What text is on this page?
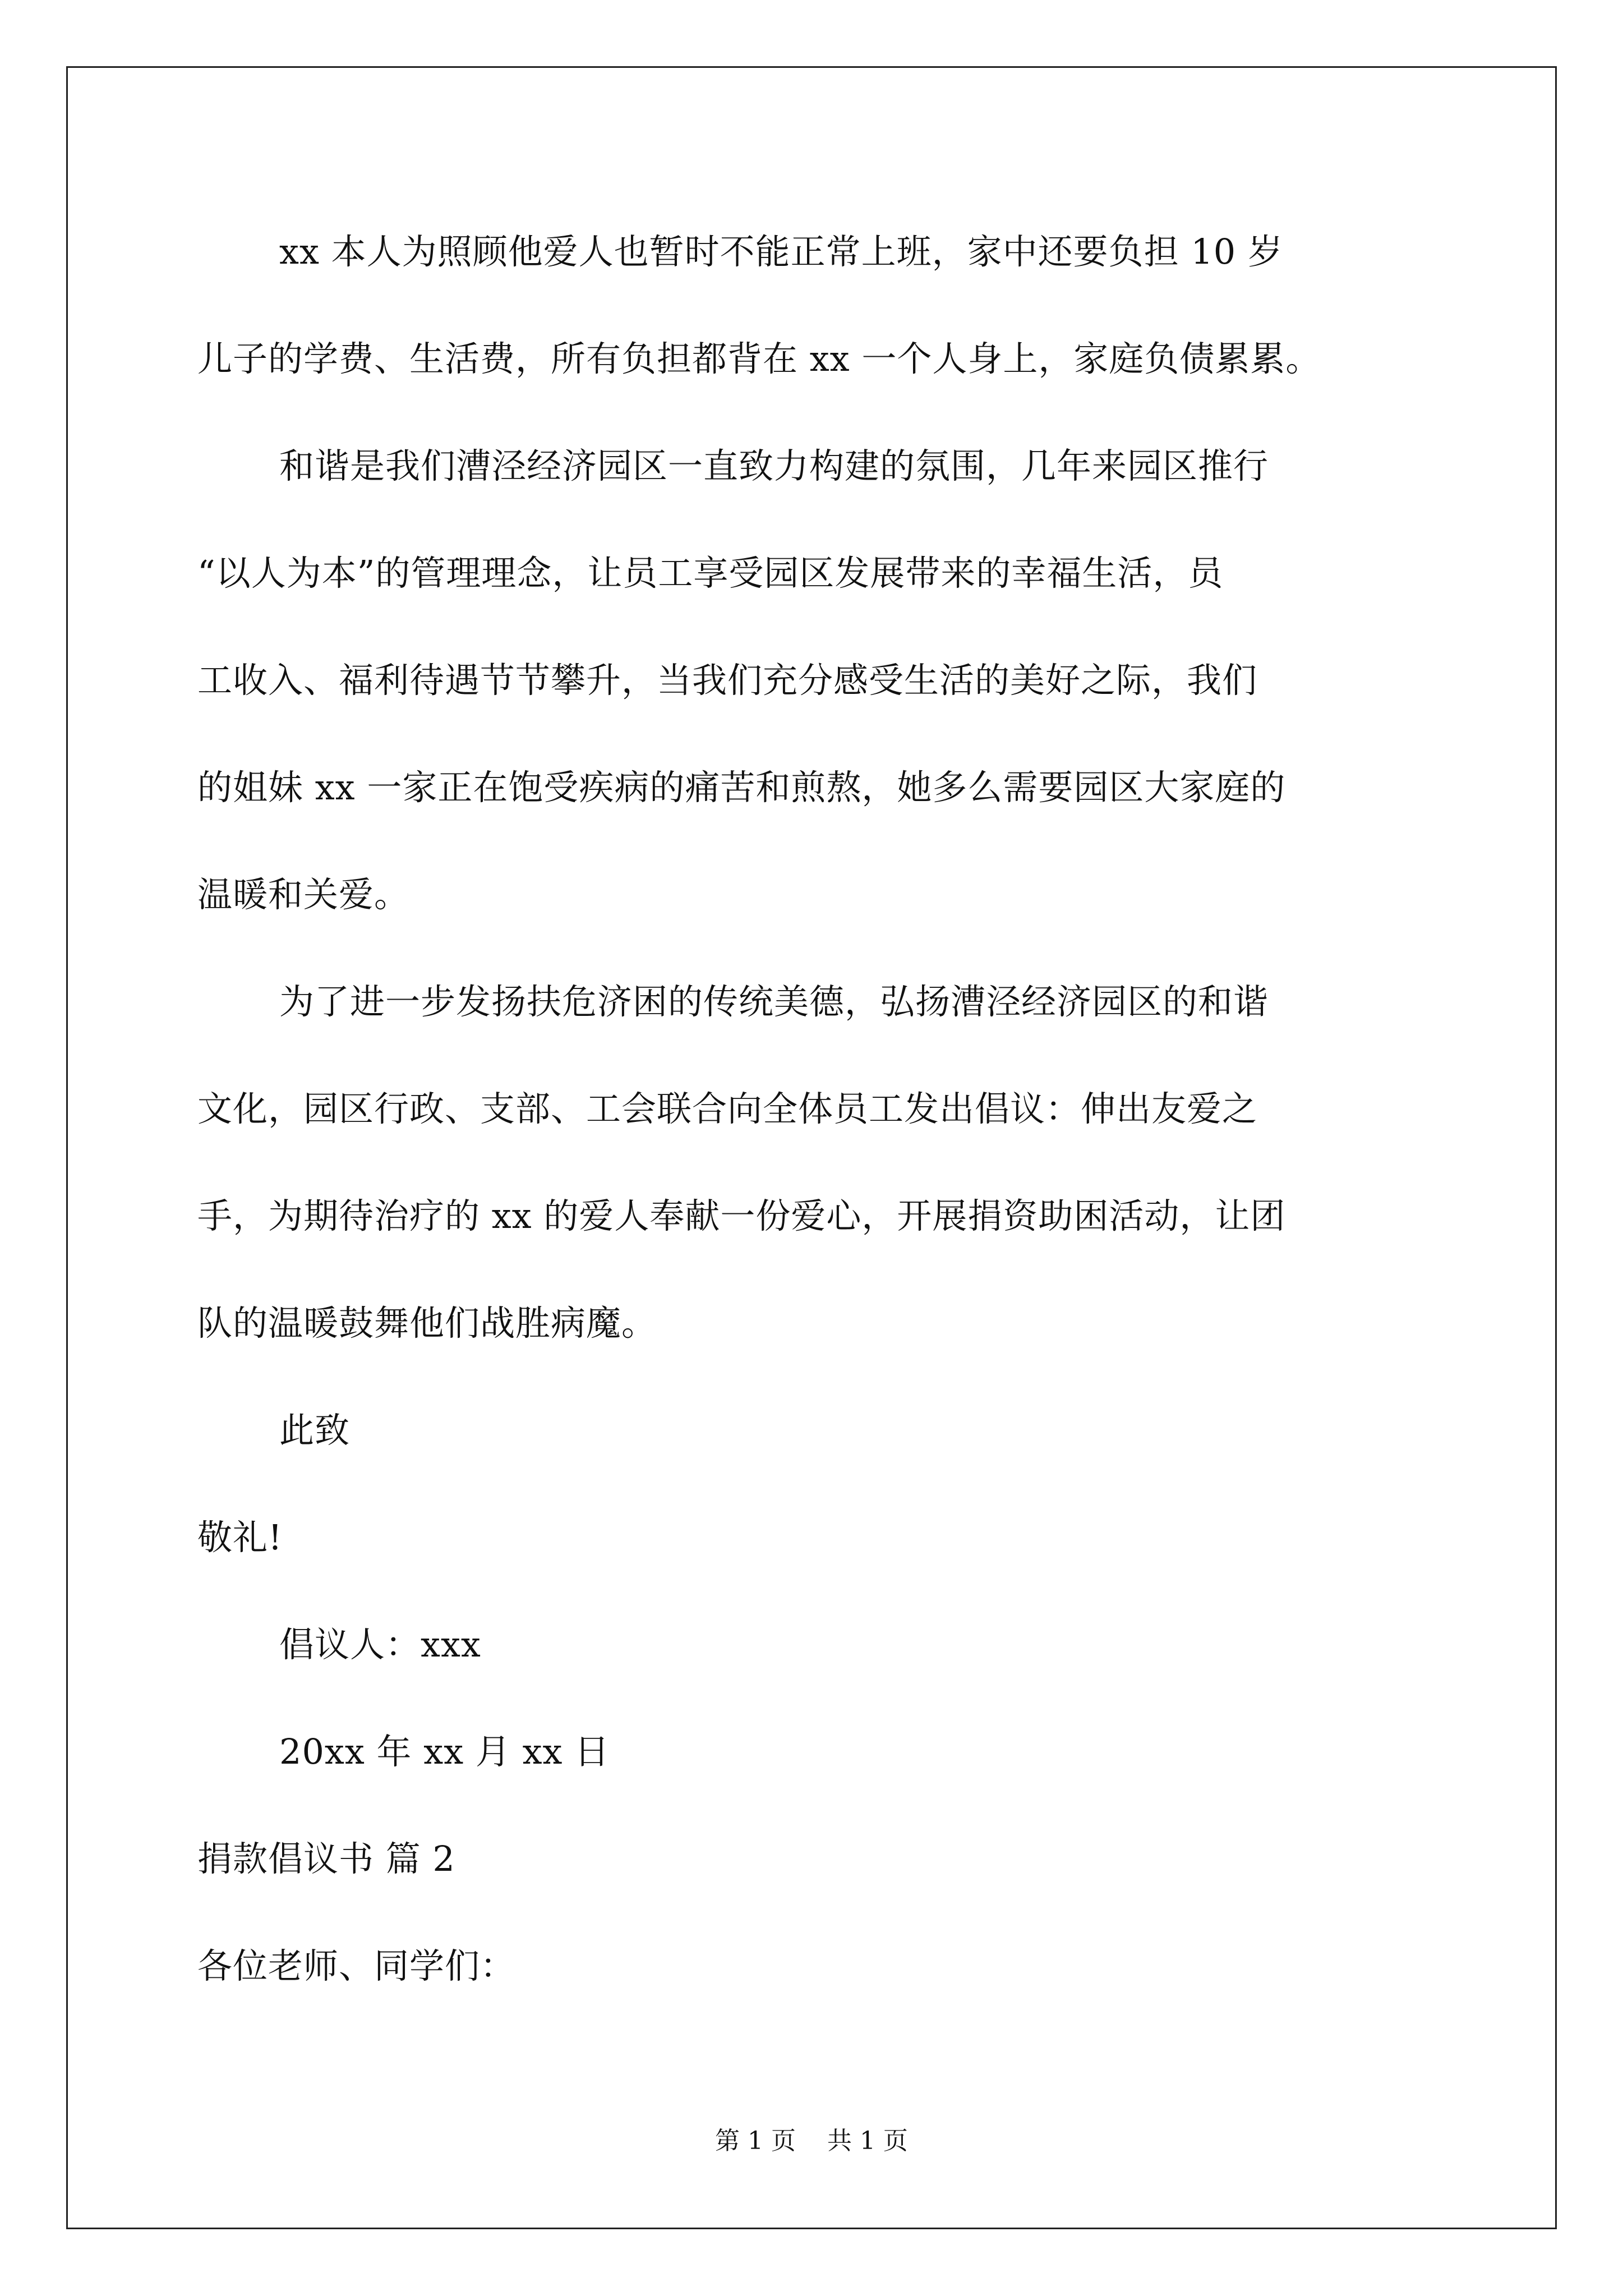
xx 本人为照顾他爱人也暂时不能正常上班，家中还要负担 10 岁
儿子的学费、生活费，所有负担都背在 xx 一个人身上，家庭负债累累。
和谐是我们漕泾经济园区一直致力构建的氛围，几年来园区推行
“以人为本”的管理理念，让员工享受园区发展带来的幸福生活，员
工收入、福利待遇节节攀升，当我们充分感受生活的美好之际，我们
的姐妹 xx 一家正在饱受疾病的痛苦和煎熬，她多么需要园区大家庭的
温暖和关爱。
为了进一步发扬扶危济困的传统美德，弘扬漕泾经济园区的和谐
文化，园区行政、支部、工会联合向全体员工发出倡议：伸出友爱之
手，为期待治疗的 xx 的爱人奉献一份爱心，开展捐资助困活动，让团
队的温暖鼓舞他们战胜病魔。
此致
敬礼!
倡议人：xxx
20xx 年 xx 月 xx 日
捐款倡议书 篇 2
各位老师、同学们：
第 1 页    共 1 页
